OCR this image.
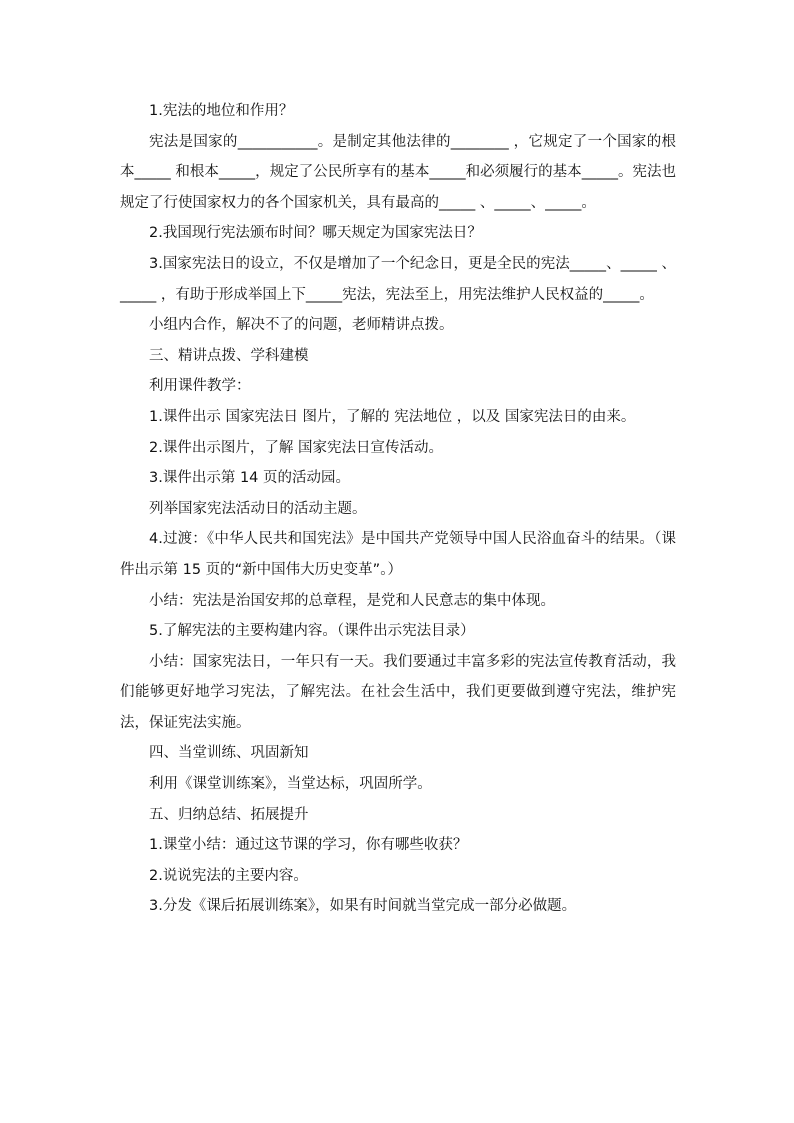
1.宪法的地位和作用？

宪法是国家的___________。是制定其他法律的________ ，它规定了一个国家的根本_____ 和根本_____，规定了公民所享有的基本_____和必须履行的基本_____。宪法也规定了行使国家权力的各个国家机关，具有最高的_____ 、_____、_____。

2.我国现行宪法颁布时间？哪天规定为国家宪法日？

3.国家宪法日的设立，不仅是增加了一个纪念日，更是全民的宪法_____、_____ 、_____ ，有助于形成举国上下_____宪法，宪法至上，用宪法维护人民权益的_____。

小组内合作，解决不了的问题，老师精讲点拨。

三、精讲点拨、学科建模

利用课件教学：

1.课件出示 国家宪法日 图片，了解的 宪法地位 ，以及 国家宪法日的由来。

2.课件出示图片，了解 国家宪法日宣传活动。

3.课件出示第 14 页的活动园。

列举国家宪法活动日的活动主题。

4.过渡：《中华人民共和国宪法》是中国共产党领导中国人民浴血奋斗的结果。（课件出示第 15 页的“新中国伟大历史变革”。）

小结：宪法是治国安邦的总章程，是党和人民意志的集中体现。

5.了解宪法的主要构建内容。（课件出示宪法目录）

小结：国家宪法日，一年只有一天。我们要通过丰富多彩的宪法宣传教育活动，我们能够更好地学习宪法，了解宪法。在社会生活中，我们更要做到遵守宪法，维护宪法，保证宪法实施。

四、当堂训练、巩固新知

利用《课堂训练案》，当堂达标，巩固所学。

五、归纳总结、拓展提升

1.课堂小结：通过这节课的学习，你有哪些收获？

2.说说宪法的主要内容。

3.分发《课后拓展训练案》，如果有时间就当堂完成一部分必做题。
